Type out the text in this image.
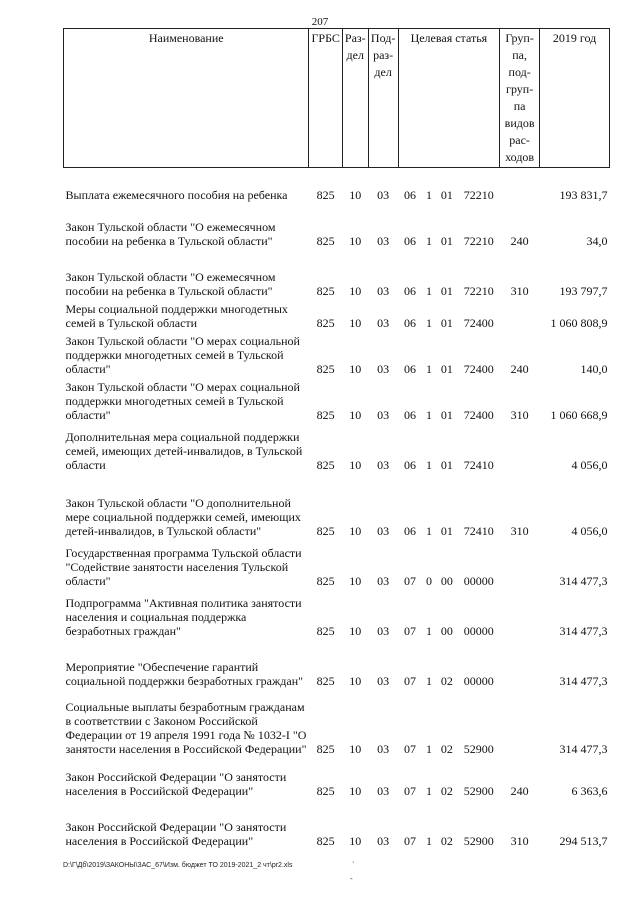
207
Наименование	ГРБС	Раз-дел	Под-раз-дел	Целевая статья				Груп-па, под-груп-па видов рас-ходов	2019 год
Выплата ежемесячного пособия на ребенка	825	10	03	06	1	01	72210		193 831,7
Закон Тульской области "О ежемесячном пособии на ребенка в Тульской области"	825	10	03	06	1	01	72210	240	34,0
Закон Тульской области "О ежемесячном пособии на ребенка в Тульской области"	825	10	03	06	1	01	72210	310	193 797,7
Меры социальной поддержки многодетных семей в Тульской области	825	10	03	06	1	01	72400		1 060 808,9
Закон Тульской области "О мерах социальной поддержки многодетных семей в Тульской области"	825	10	03	06	1	01	72400	240	140,0
Закон Тульской области "О мерах социальной поддержки многодетных семей в Тульской области"	825	10	03	06	1	01	72400	310	1 060 668,9
Дополнительная мера социальной поддержки семей, имеющих детей-инвалидов, в Тульской области	825	10	03	06	1	01	72410		4 056,0
Закон Тульской области "О дополнительной мере социальной поддержки семей, имеющих детей-инвалидов, в Тульской области"	825	10	03	06	1	01	72410	310	4 056,0
Государственная программа Тульской области "Содействие занятости населения Тульской области"	825	10	03	07	0	00	00000		314 477,3
Подпрограмма "Активная политика занятости населения и социальная поддержка безработных граждан"	825	10	03	07	1	00	00000		314 477,3
Мероприятие "Обеспечение гарантий социальной поддержки безработных граждан"	825	10	03	07	1	02	00000		314 477,3
Социальные выплаты безработным гражданам в соответствии с Законом Российской Федерации от 19 апреля 1991 года № 1032-I "О занятости населения в Российской Федерации"	825	10	03	07	1	02	52900		314 477,3
Закон Российской Федерации "О занятости населения в Российской Федерации"	825	10	03	07	1	02	52900	240	6 363,6
Закон Российской Федерации "О занятости населения в Российской Федерации"	825	10	03	07	1	02	52900	310	294 513,7
D:\Г\Дб\2019\ЗАКОНЫ\ЗАС_67\Изм. бюджет ТО 2019-2021_2 чт\pr2.xls	·
-
